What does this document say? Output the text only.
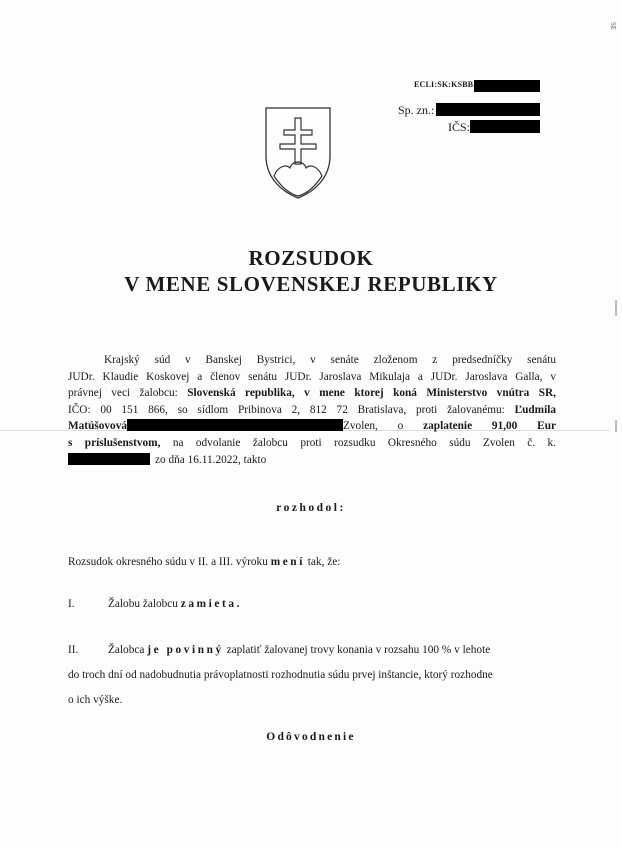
SE
ECLI:SK:KSBB
Sp. zn.:
IČS:
ROZSUDOK
V MENE SLOVENSKEJ REPUBLIKY
Krajský súd v Banskej Bystrici, v senáte zloženom z predsedníčky senátu
JUDr. Klaudie Koskovej a členov senátu JUDr. Jaroslava Mikulaja a JUDr. Jaroslava Galla, v
právnej veci žalobcu: Slovenská republika, v mene ktorej koná Ministerstvo vnútra SR,
IČO: 00 151 866, so sídlom Pribinova 2, 812 72 Bratislava, proti žalovanému: Ľudmila
Matúšovová	Zvolen, o zaplatenie 91,00 Eur
s príslušenstvom, na odvolanie žalobcu proti rozsudku Okresného súdu Zvolen č. k.
zo dňa 16.11.2022, takto
rozhodol:
Rozsudok okresného súdu v II. a III. výroku mení tak, že:
I.	Žalobu žalobcu zamieta.
II.	Žalobca je povinný zaplatiť žalovanej trovy konania v rozsahu 100 % v lehote
do troch dní od nadobudnutia právoplatnosti rozhodnutia súdu prvej inštancie, ktorý rozhodne
o ich výške.
Odôvodnenie
